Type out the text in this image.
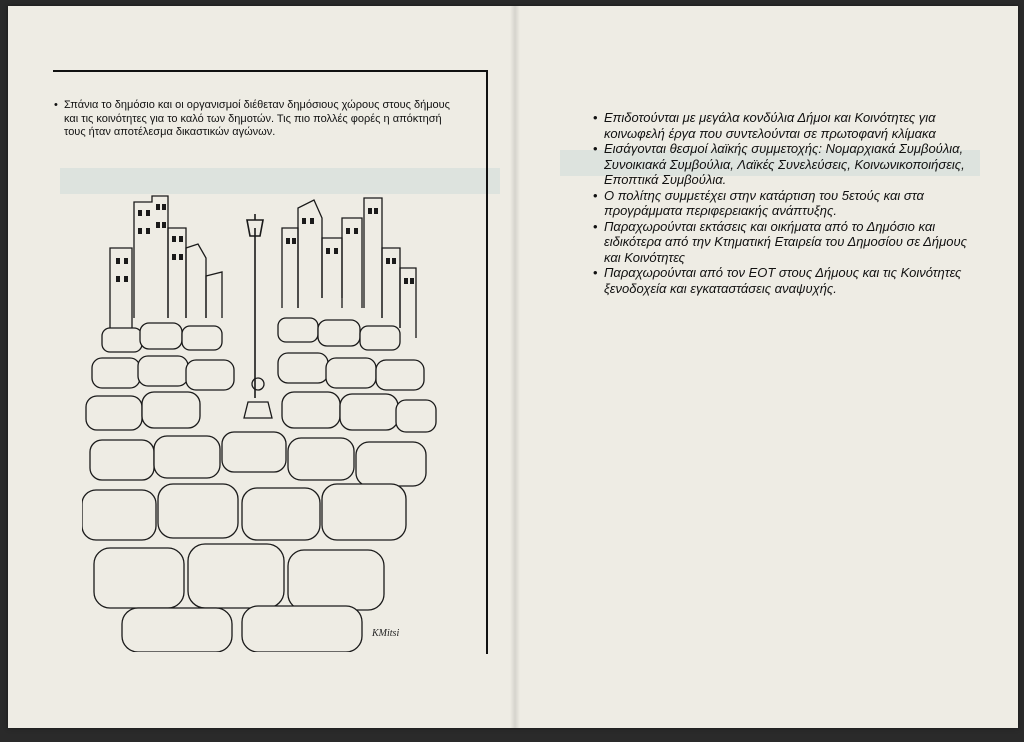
• Σπάνια το δημόσιο και οι οργανισμοί διέθεταν δημόσιους χώρους στους δήμους και τις κοινότητες για το καλό των δημοτών. Τις πιο πολλές φορές η απόκτησή τους ήταν αποτέλεσμα δικαστικών αγώνων.
KMitsi
• Επιδοτούνται με μεγάλα κονδύλια Δήμοι και Κοινότητες για κοινωφελή έργα που συντελούνται σε πρωτοφανή κλίμακα
• Εισάγονται θεσμοί λαϊκής συμμετοχής: Νομαρχιακά Συμβούλια, Συνοικιακά Συμβούλια, Λαϊκές Συνελεύσεις, Κοινωνικοποιήσεις, Εποπτικά Συμβούλια.
• Ο πολίτης συμμετέχει στην κατάρτιση του 5ετούς και στα προγράμματα περιφερειακής ανάπτυξης.
• Παραχωρούνται εκτάσεις και οικήματα από το Δημόσιο και ειδικότερα από την Κτηματική Εταιρεία του Δημοσίου σε Δήμους και Κοινότητες
• Παραχωρούνται από τον ΕΟΤ στους Δήμους και τις Κοινότητες ξενοδοχεία και εγκαταστάσεις αναψυχής.
